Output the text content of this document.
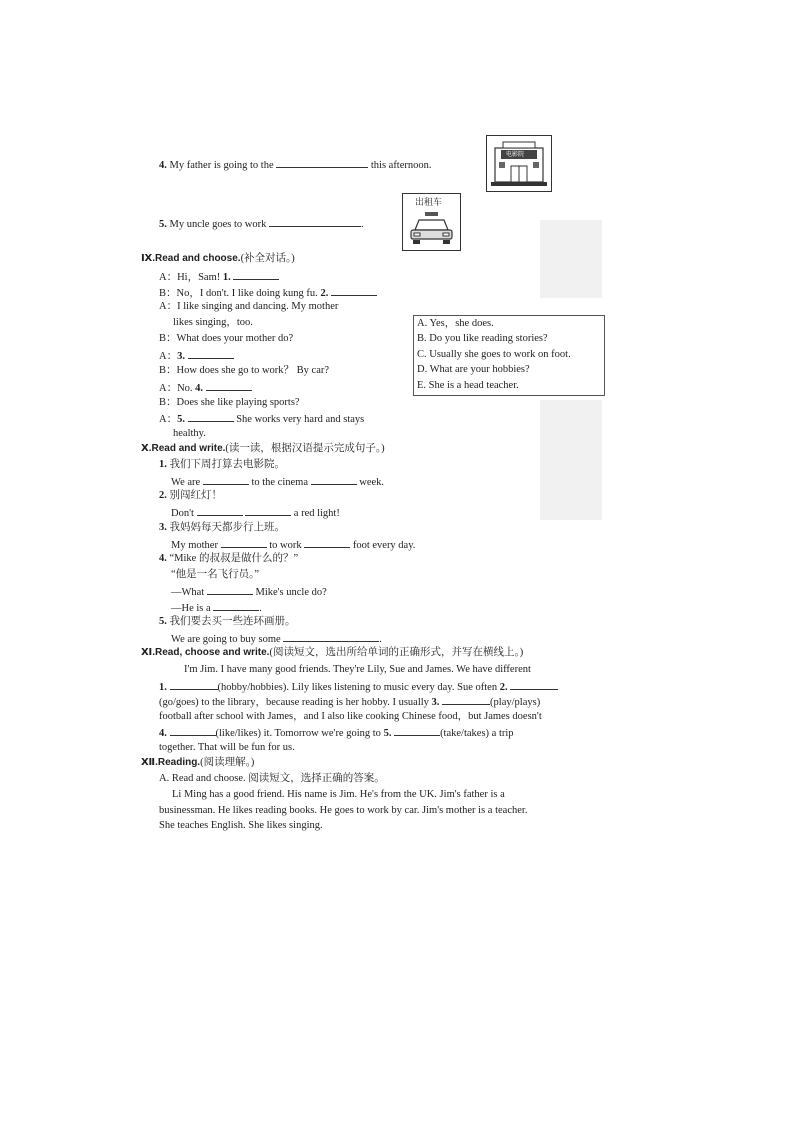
4. My father is going to the	this afternoon.
电影院
5. My uncle goes to work	.
出租车
Ⅸ.Read and choose.(补全对话。)
A：Hi，Sam! 1.
B：No，I don't. I like doing kung fu. 2.
A：I like singing and dancing. My mother
likes singing，too.
B：What does your mother do?
A：3.
B：How does she go to work？ By car?
A：No. 4.
B：Does she like playing sports?
A：5.	She works very hard and stays
healthy.
A. Yes，she does.
B. Do you like reading stories?
C. Usually she goes to work on foot.
D. What are your hobbies?
E. She is a head teacher.
Ⅹ.Read and write.(读一读，根据汉语提示完成句子。)
1. 我们下周打算去电影院。
We are	to the cinema	week.
2. 别闯红灯！
Don't	a red light!
3. 我妈妈每天都步行上班。
My mother	to work	foot every day.
4. “Mike 的叔叔是做什么的？”
“他是一名飞行员。”
—What	Mike's uncle do?
—He is a	.
5. 我们要去买一些连环画册。
We are going to buy some	.
Ⅺ.Read, choose and write.(阅读短文，选出所给单词的正确形式，并写在横线上。)
I'm Jim. I have many good friends. They're Lily, Sue and James. We have different
1.	(hobby/hobbies). Lily likes listening to music every day. Sue often 2.
(go/goes) to the library，because reading is her hobby. I usually 3.	(play/plays)
football after school with James，and I also like cooking Chinese food，but James doesn't
4.	(like/likes) it. Tomorrow we're going to 5.	(take/takes) a trip
together. That will be fun for us.
Ⅻ.Reading.(阅读理解。)
A. Read and choose. 阅读短文，选择正确的答案。
Li Ming has a good friend. His name is Jim. He's from the UK. Jim's father is a
businessman. He likes reading books. He goes to work by car. Jim's mother is a teacher.
She teaches English. She likes singing.
